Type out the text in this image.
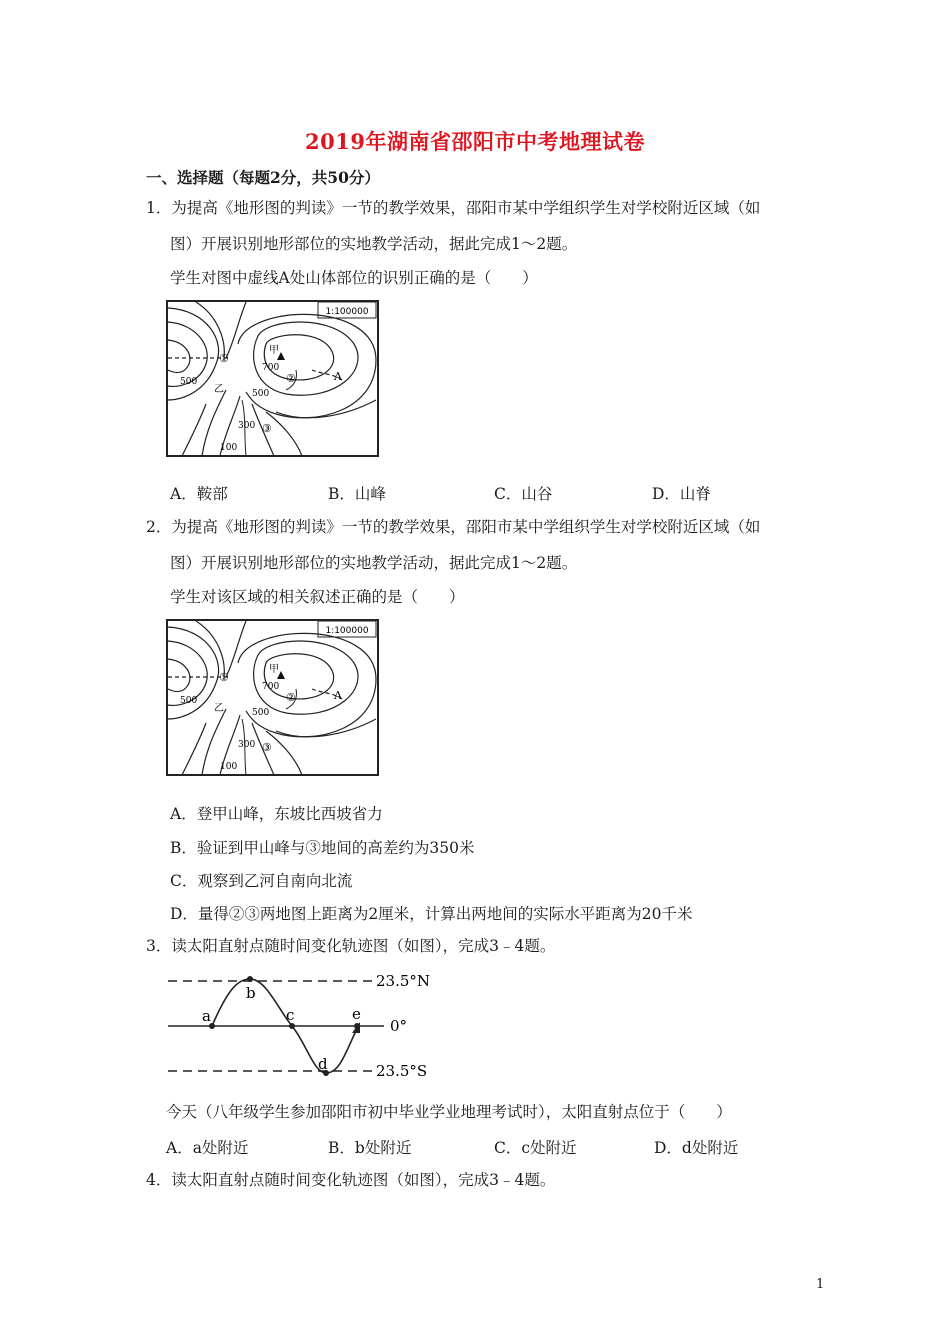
2019年湖南省邵阳市中考地理试卷
一、选择题（每题2分，共50分）
1．为提高《地形图的判读》一节的教学效果，邵阳市某中学组织学生对学校附近区域（如
图）开展识别地形部位的实地教学活动，据此完成1～2题。
学生对图中虚线A处山体部位的识别正确的是（　　）
1:100000
甲
700
500
500
300
100
①
②
③
乙
A
A．鞍部	B．山峰	C．山谷	D．山脊
2．为提高《地形图的判读》一节的教学效果，邵阳市某中学组织学生对学校附近区域（如
图）开展识别地形部位的实地教学活动，据此完成1～2题。
学生对该区域的相关叙述正确的是（　　）
1:100000
甲
700
500
500
300
100
①
②
③
乙
A
A．登甲山峰，东坡比西坡省力
B．验证到甲山峰与③地间的高差约为350米
C．观察到乙河自南向北流
D．量得②③两地图上距离为2厘米，计算出两地间的实际水平距离为20千米
3．读太阳直射点随时间变化轨迹图（如图），完成3﹣4题。
a
b
c
d
e
23.5°N
0°
23.5°S
今天（八年级学生参加邵阳市初中毕业学业地理考试时），太阳直射点位于（　　）
A．a处附近	B．b处附近	C．c处附近	D．d处附近
4．读太阳直射点随时间变化轨迹图（如图），完成3﹣4题。
1
